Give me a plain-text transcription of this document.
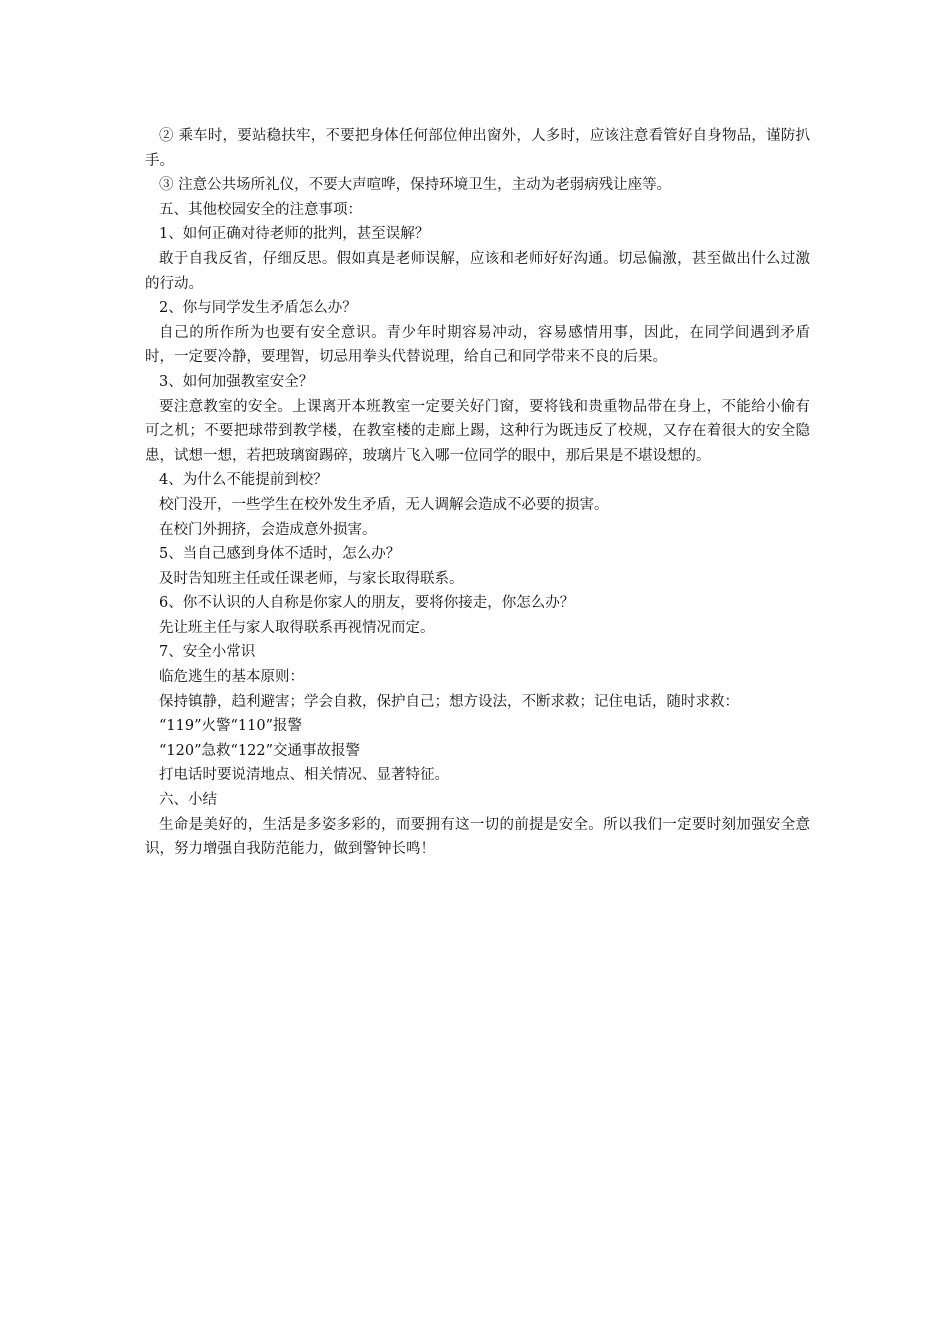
② 乘车时，要站稳扶牢，不要把身体任何部位伸出窗外，人多时，应该注意看管好自身物品，谨防扒手。

③ 注意公共场所礼仪，不要大声喧哗，保持环境卫生，主动为老弱病残让座等。

五、其他校园安全的注意事项：

1、如何正确对待老师的批判，甚至误解？

敢于自我反省，仔细反思。假如真是老师误解，应该和老师好好沟通。切忌偏激，甚至做出什么过激的行动。

2、你与同学发生矛盾怎么办？

自己的所作所为也要有安全意识。青少年时期容易冲动，容易感情用事，因此，在同学间遇到矛盾时，一定要冷静，要理智，切忌用拳头代替说理，给自己和同学带来不良的后果。

3、如何加强教室安全？

要注意教室的安全。上课离开本班教室一定要关好门窗，要将钱和贵重物品带在身上，不能给小偷有可之机；不要把球带到教学楼，在教室楼的走廊上踢，这种行为既违反了校规，又存在着很大的安全隐患，试想一想，若把玻璃窗踢碎，玻璃片飞入哪一位同学的眼中，那后果是不堪设想的。

4、为什么不能提前到校？

校门没开，一些学生在校外发生矛盾，无人调解会造成不必要的损害。

在校门外拥挤，会造成意外损害。

5、当自己感到身体不适时，怎么办？

及时告知班主任或任课老师，与家长取得联系。

6、你不认识的人自称是你家人的朋友，要将你接走，你怎么办？

先让班主任与家人取得联系再视情况而定。

7、安全小常识

临危逃生的基本原则：

保持镇静，趋利避害；学会自救，保护自己；想方设法，不断求救；记住电话，随时求救：

“119”火警“110”报警

“120”急救“122”交通事故报警

打电话时要说清地点、相关情况、显著特征。

六、小结

生命是美好的，生活是多姿多彩的，而要拥有这一切的前提是安全。所以我们一定要时刻加强安全意识，努力增强自我防范能力，做到警钟长鸣！
